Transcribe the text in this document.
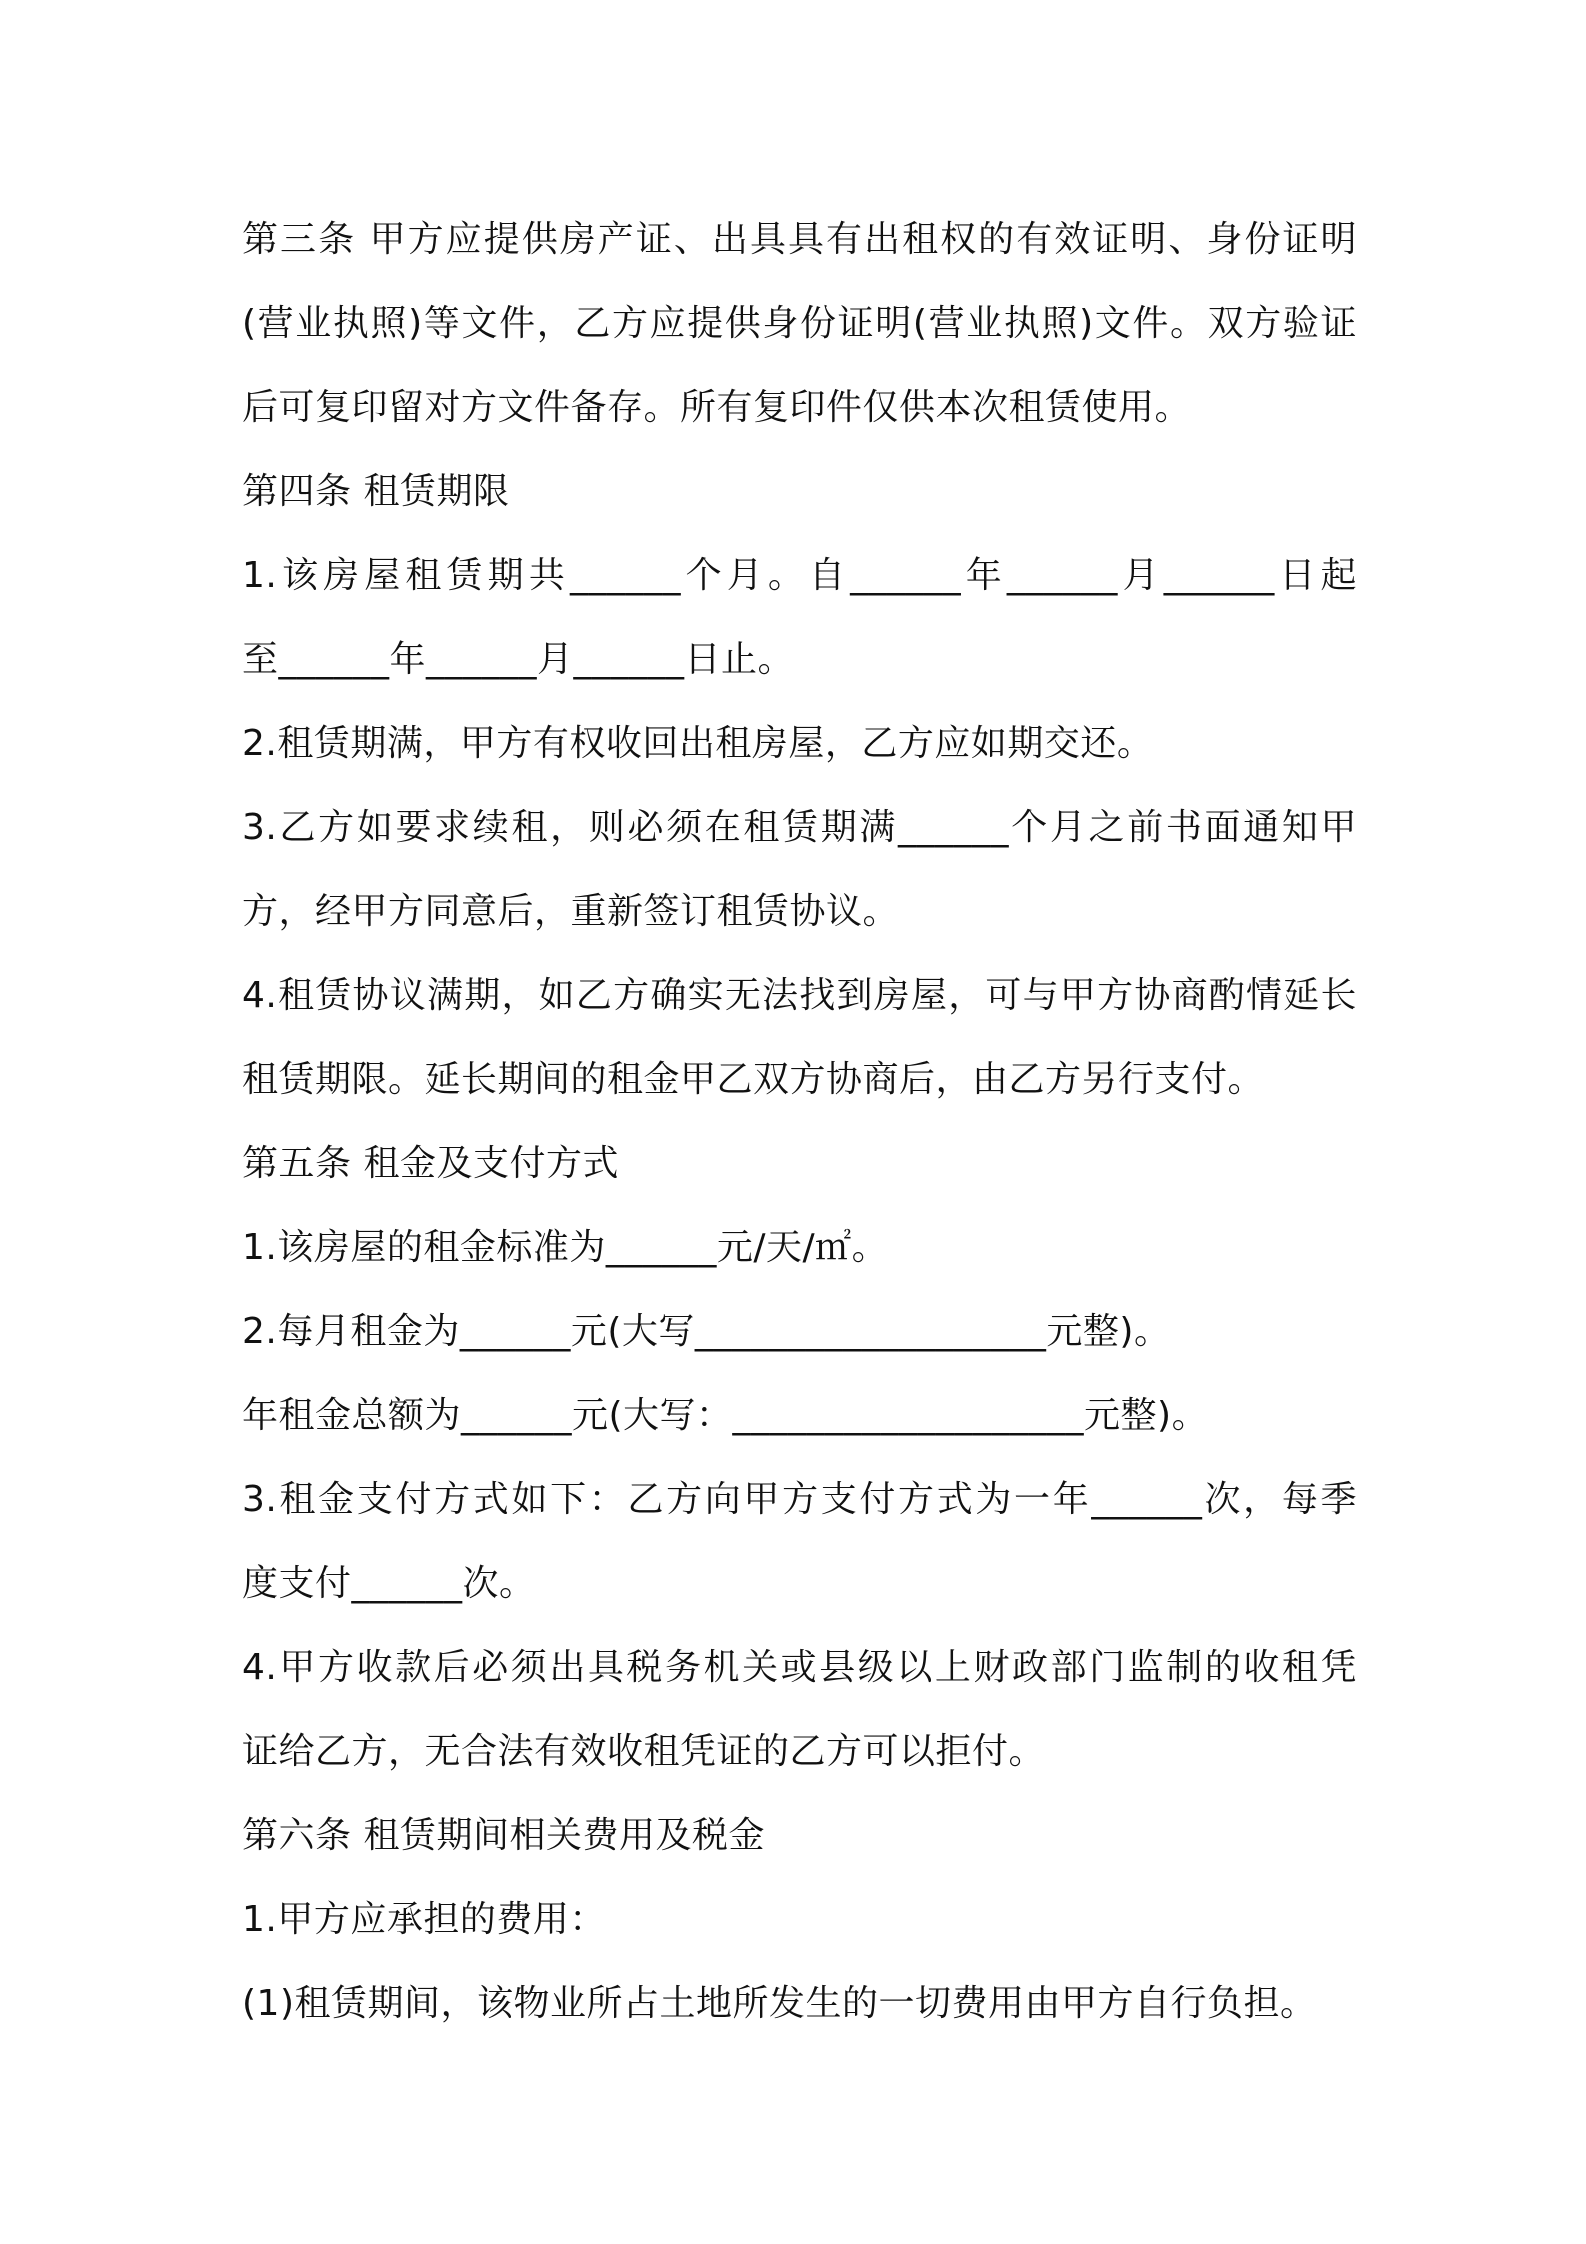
第三条 甲方应提供房产证、出具具有出租权的有效证明、身份证明
(营业执照)等文件，乙方应提供身份证明(营业执照)文件。双方验证
后可复印留对方文件备存。所有复印件仅供本次租赁使用。
第四条 租赁期限
1.该房屋租赁期共______个月。自______年______月______日起
至______年______月______日止。
2.租赁期满，甲方有权收回出租房屋，乙方应如期交还。
3.乙方如要求续租，则必须在租赁期满______个月之前书面通知甲
方，经甲方同意后，重新签订租赁协议。
4.租赁协议满期，如乙方确实无法找到房屋，可与甲方协商酌情延长
租赁期限。延长期间的租金甲乙双方协商后，由乙方另行支付。
第五条 租金及支付方式
1.该房屋的租金标准为______元/天/㎡。
2.每月租金为______元(大写___________________元整)。
年租金总额为______元(大写：___________________元整)。
3.租金支付方式如下：乙方向甲方支付方式为一年______次，每季
度支付______次。
4.甲方收款后必须出具税务机关或县级以上财政部门监制的收租凭
证给乙方，无合法有效收租凭证的乙方可以拒付。
第六条 租赁期间相关费用及税金
1.甲方应承担的费用：
(1)租赁期间，该物业所占土地所发生的一切费用由甲方自行负担。
